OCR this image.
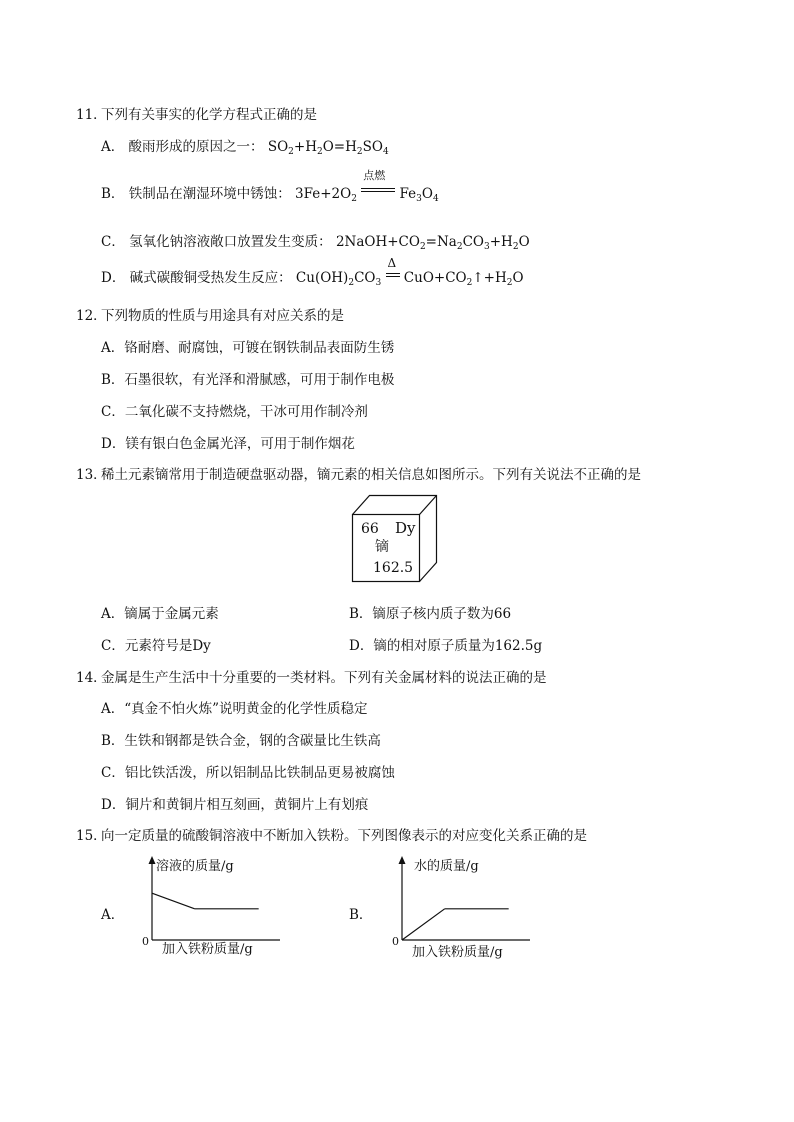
11．
下列有关事实的化学方程式正确的是
A． 酸雨形成的原因之一： $SO_2+H_2O=H_2SO_4$
B． 铁制品在潮湿环境中锈蚀： $3Fe+2O_2$
点燃
$Fe_3O_4$
C． 氢氧化钠溶液敞口放置发生变质： $2NaOH+CO_2=Na_2CO_3+H_2O$
D． 碱式碳酸铜受热发生反应： $Cu(OH)_2CO_3$
Δ
$CuO+CO_2↑+H_2O$
12．
下列物质的性质与用途具有对应关系的是
A．铬耐磨、耐腐蚀，可镀在钢铁制品表面防生锈
B．石墨很软，有光泽和滑腻感，可用于制作电极
C．二氧化碳不支持燃烧，干冰可用作制冷剂
D．镁有银白色金属光泽，可用于制作烟花
13．
稀土元素镝常用于制造硬盘驱动器，镝元素的相关信息如图所示。下列有关说法不正确的是
66 Dy
镝
162.5
A．镝属于金属元素	B．镝原子核内质子数为66
C．元素符号是Dy	D．镝的相对原子质量为162.5g
14．
金属是生产生活中十分重要的一类材料。下列有关金属材料的说法正确的是
A．“真金不怕火炼”说明黄金的化学性质稳定
B．生铁和钢都是铁合金，钢的含碳量比生铁高
C．铝比铁活泼，所以铝制品比铁制品更易被腐蚀
D．铜片和黄铜片相互刻画，黄铜片上有划痕
15．
向一定质量的硫酸铜溶液中不断加入铁粉。下列图像表示的对应变化关系正确的是
A．
0
溶液的质量/g
加入铁粉质量/g
B．
0
水的质量/g
加入铁粉质量/g
